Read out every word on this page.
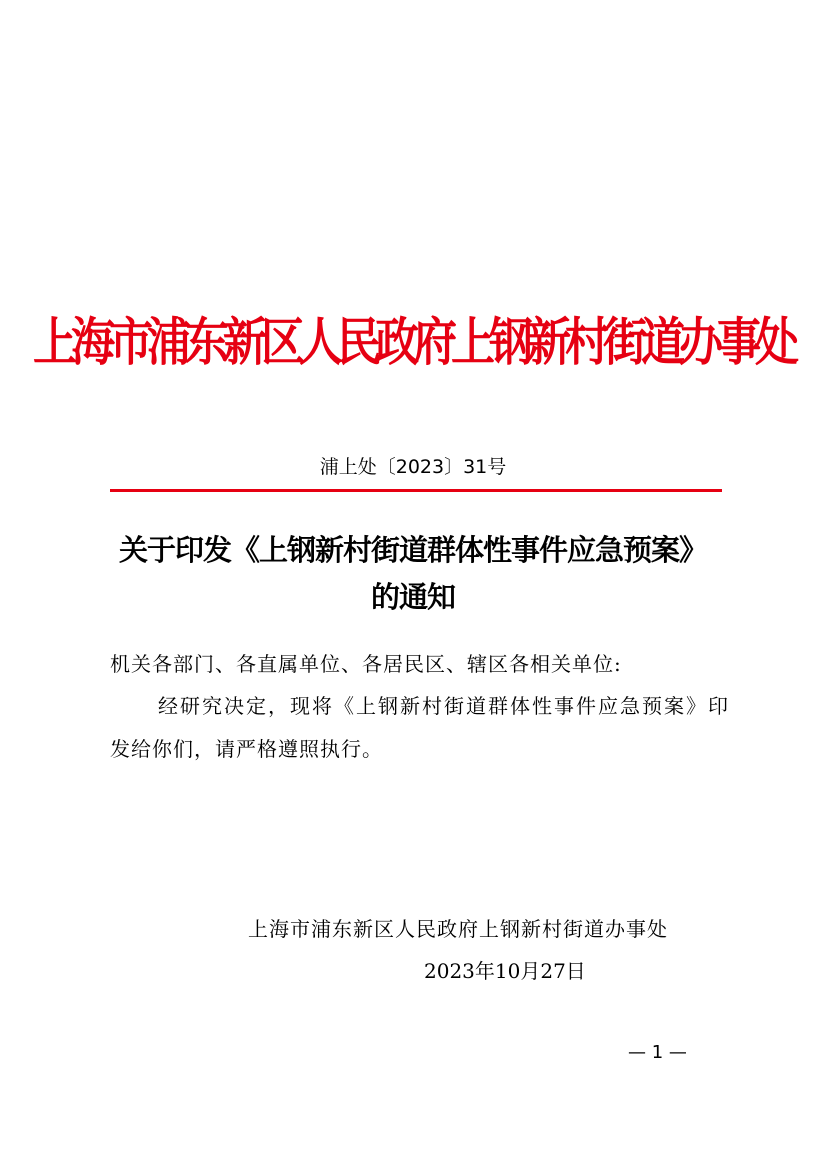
上海市浦东新区人民政府上钢新村街道办事处
浦上处〔2023〕31号
关于印发《上钢新村街道群体性事件应急预案》
的通知
机关各部门、各直属单位、各居民区、辖区各相关单位:
经研究决定，现将《上钢新村街道群体性事件应急预案》印
发给你们，请严格遵照执行。
上海市浦东新区人民政府上钢新村街道办事处
2023年10月27日
— 1 —
